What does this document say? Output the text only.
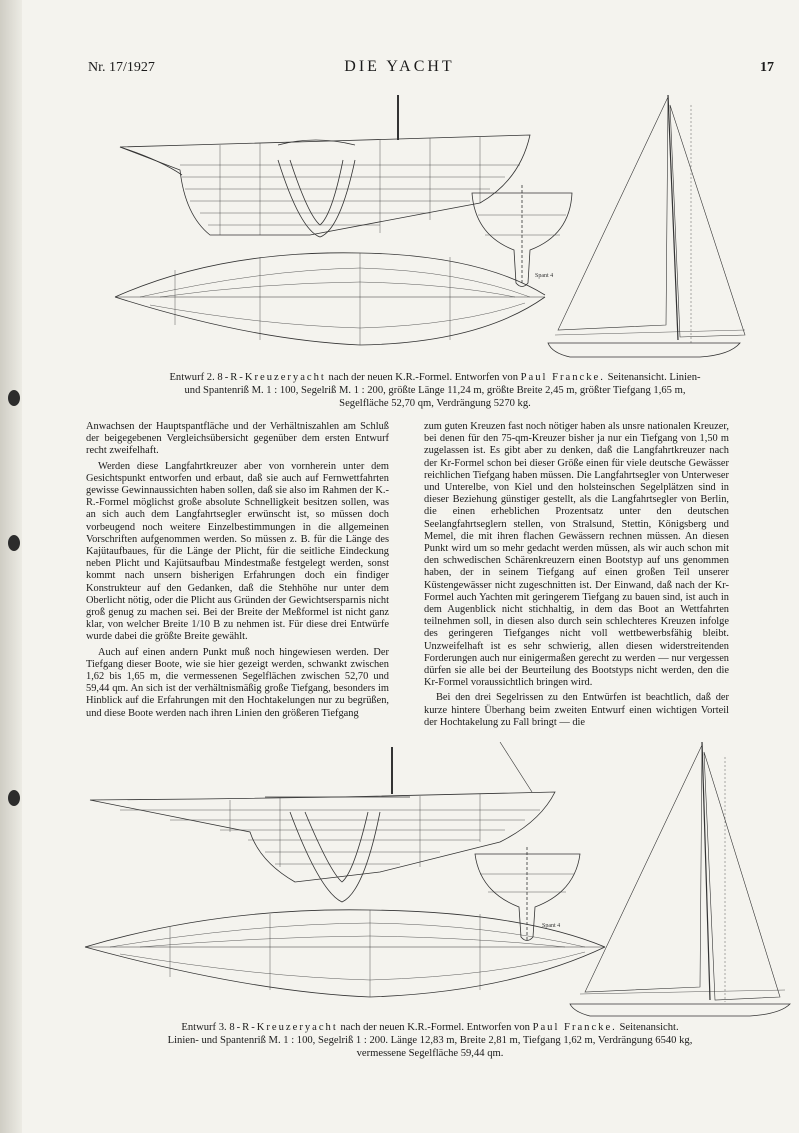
Nr. 17/1927	DIE YACHT	17
Spant 4
Entwurf 2. 8-R-Kreuzeryacht nach der neuen K.R.-Formel. Entworfen von Paul Francke. Seitenansicht. Linien-
und Spantenriß M. 1 : 100, Segelriß M. 1 : 200, größte Länge 11,24 m, größte Breite 2,45 m, größter Tiefgang 1,65 m,
Segelfläche 52,70 qm, Verdrängung 5270 kg.

Anwachsen der Hauptspantfläche und der Verhältniszahlen am Schluß der beigegebenen Vergleichsübersicht gegenüber dem ersten Entwurf recht zweifelhaft.

Werden diese Langfahrtkreuzer aber von vornherein unter dem Gesichtspunkt entworfen und erbaut, daß sie auch auf Fernwettfahrten gewisse Gewinnaussichten haben sollen, daß sie also im Rahmen der K.-R.-Formel möglichst große absolute Schnelligkeit besitzen sollen, was an sich auch dem Langfahrtsegler erwünscht ist, so müssen doch vorbeugend noch weitere Einzelbestimmungen in die allgemeinen Vorschriften aufgenommen werden. So müssen z. B. für die Länge des Kajütaufbaues, für die Länge der Plicht, für die seitliche Eindeckung neben Plicht und Kajütsaufbau Mindestmaße festgelegt werden, sonst kommt nach unsern bisherigen Erfahrungen doch ein findiger Konstrukteur auf den Gedanken, daß die Stehhöhe nur unter dem Oberlicht nötig, oder die Plicht aus Gründen der Gewichtsersparnis nicht groß genug zu machen sei. Bei der Breite der Meßformel ist nicht ganz klar, von welcher Breite 1/10 B zu nehmen ist. Für diese drei Entwürfe wurde dabei die größte Breite gewählt.

Auch auf einen andern Punkt muß noch hingewiesen werden. Der Tiefgang dieser Boote, wie sie hier gezeigt werden, schwankt zwischen 1,62 bis 1,65 m, die vermessenen Segelflächen zwischen 52,70 und 59,44 qm. An sich ist der verhältnismäßig große Tiefgang, besonders im Hinblick auf die Erfahrungen mit den Hochtakelungen nur zu begrüßen, und diese Boote werden nach ihren Linien den größeren Tiefgang

zum guten Kreuzen fast noch nötiger haben als unsre nationalen Kreuzer, bei denen für den 75-qm-Kreuzer bisher ja nur ein Tiefgang von 1,50 m zugelassen ist. Es gibt aber zu denken, daß die Langfahrtkreuzer nach der Kr-Formel schon bei dieser Größe einen für viele deutsche Gewässer reichlichen Tiefgang haben müssen. Die Langfahrtsegler von Unterweser und Unterelbe, von Kiel und den holsteinschen Segelplätzen sind in dieser Beziehung günstiger gestellt, als die Langfahrtsegler von Berlin, die einen erheblichen Prozentsatz unter den deutschen Seelangfahrtseglern stellen, von Stralsund, Stettin, Königsberg und Memel, die mit ihren flachen Gewässern rechnen müssen. An diesen Punkt wird um so mehr gedacht werden müssen, als wir auch schon mit den schwedischen Schärenkreuzern einen Bootstyp auf uns genommen haben, der in seinem Tiefgang auf einen großen Teil unserer Küstengewässer nicht zugeschnitten ist. Der Einwand, daß nach der Kr-Formel auch Yachten mit geringerem Tiefgang zu bauen sind, ist auch in dem Augenblick nicht stichhaltig, in dem das Boot an Wettfahrten teilnehmen soll, in diesen also durch sein schlechteres Kreuzen infolge des geringeren Tiefganges nicht voll wettbewerbsfähig bleibt. Unzweifelhaft ist es sehr schwierig, allen diesen widerstreitenden Forderungen auch nur einigermaßen gerecht zu werden — nur vergessen dürfen sie alle bei der Beurteilung des Bootstyps nicht werden, den die Kr-Formel voraussichtlich bringen wird.

Bei den drei Segelrissen zu den Entwürfen ist beachtlich, daß der kurze hintere Überhang beim zweiten Entwurf einen wichtigen Vorteil der Hochtakelung zu Fall bringt — die

Spant 4
Entwurf 3. 8-R-Kreuzeryacht nach der neuen K.R.-Formel. Entworfen von Paul Francke. Seitenansicht.
Linien- und Spantenriß M. 1 : 100, Segelriß 1 : 200. Länge 12,83 m, Breite 2,81 m, Tiefgang 1,62 m, Verdrängung 6540 kg,
vermessene Segelfläche 59,44 qm.
